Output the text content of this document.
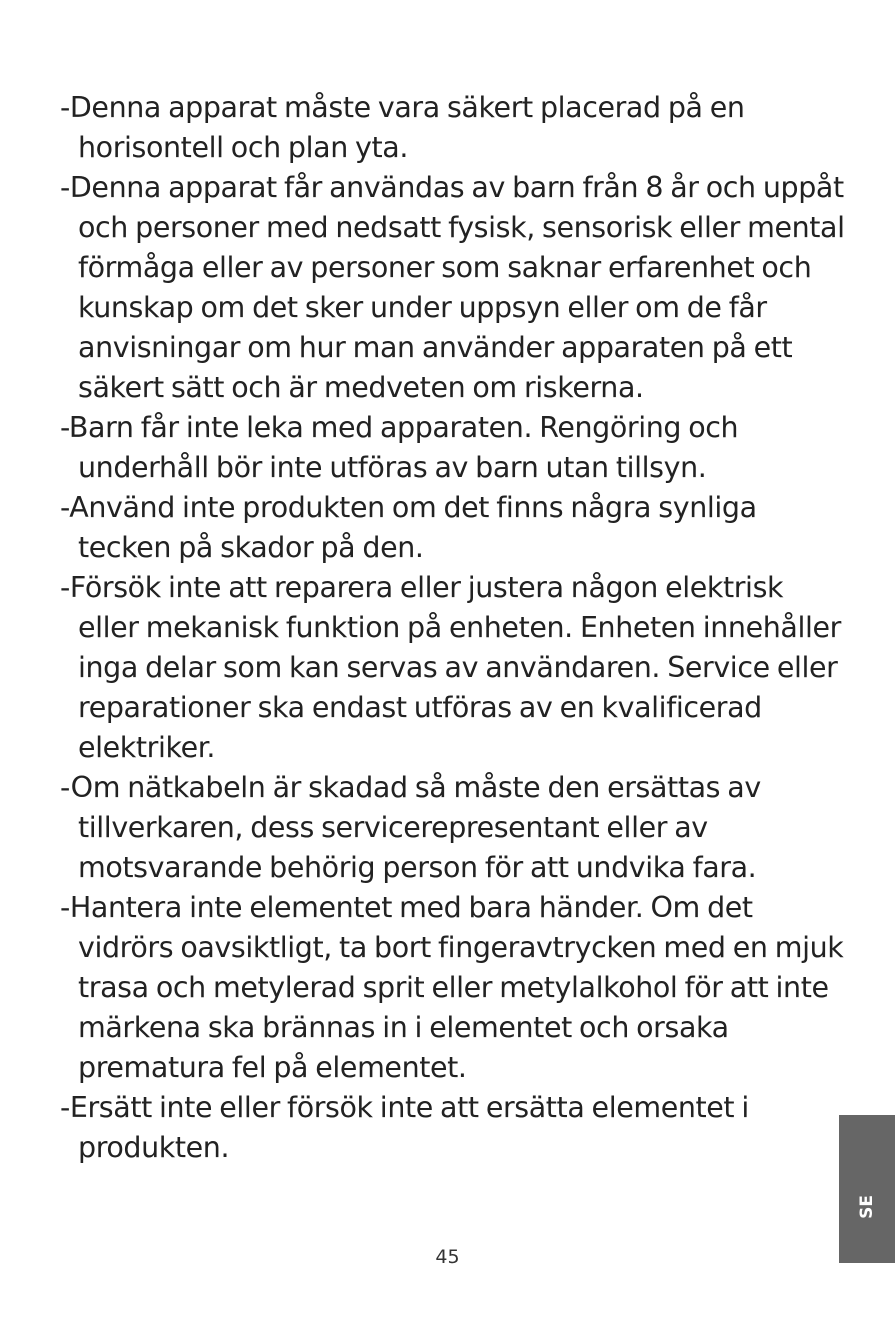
-Denna apparat måste vara säkert placerad på en
horisontell och plan yta.
-Denna apparat får användas av barn från 8 år och uppåt
och personer med nedsatt fysisk, sensorisk eller mental
förmåga eller av personer som saknar erfarenhet och
kunskap om det sker under uppsyn eller om de får
anvisningar om hur man använder apparaten på ett
säkert sätt och är medveten om riskerna.
-Barn får inte leka med apparaten. Rengöring och
underhåll bör inte utföras av barn utan tillsyn.
-Använd inte produkten om det finns några synliga
tecken på skador på den.
-Försök inte att reparera eller justera någon elektrisk
eller mekanisk funktion på enheten. Enheten innehåller
inga delar som kan servas av användaren. Service eller
reparationer ska endast utföras av en kvalificerad
elektriker.
-Om nätkabeln är skadad så måste den ersättas av
tillverkaren, dess servicerepresentant eller av
motsvarande behörig person för att undvika fara.
-Hantera inte elementet med bara händer. Om det
vidrörs oavsiktligt, ta bort fingeravtrycken med en mjuk
trasa och metylerad sprit eller metylalkohol för att inte
märkena ska brännas in i elementet och orsaka
prematura fel på elementet.
-Ersätt inte eller försök inte att ersätta elementet i
produkten.
45
SE
